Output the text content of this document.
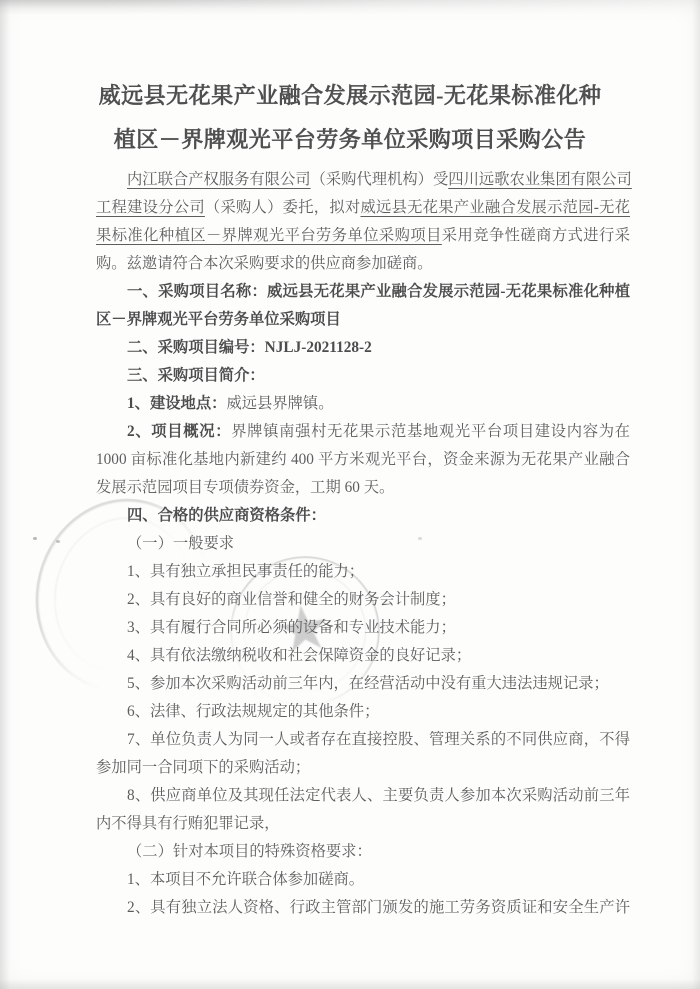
★
威远县无花果产业融合发展示范园-无花果标准化种
植区－界牌观光平台劳务单位采购项目采购公告
内江联合产权服务有限公司（采购代理机构）受四川远歌农业集团有限公司
工程建设分公司（采购人）委托，拟对威远县无花果产业融合发展示范园-无花
果标准化种植区－界牌观光平台劳务单位采购项目采用竞争性磋商方式进行采
购。兹邀请符合本次采购要求的供应商参加磋商。
一、采购项目名称：威远县无花果产业融合发展示范园-无花果标准化种植
区－界牌观光平台劳务单位采购项目
二、采购项目编号：NJLJ-2021128-2
三、采购项目简介：
1、建设地点：威远县界牌镇。
2、项目概况：界牌镇南强村无花果示范基地观光平台项目建设内容为在
1000 亩标准化基地内新建约 400 平方米观光平台，资金来源为无花果产业融合
发展示范园项目专项债券资金，工期 60 天。
四、合格的供应商资格条件：
（一）一般要求
1、具有独立承担民事责任的能力；
2、具有良好的商业信誉和健全的财务会计制度；
3、具有履行合同所必须的设备和专业技术能力；
4、具有依法缴纳税收和社会保障资金的良好记录；
5、参加本次采购活动前三年内，在经营活动中没有重大违法违规记录；
6、法律、行政法规规定的其他条件；
7、单位负责人为同一人或者存在直接控股、管理关系的不同供应商，不得
参加同一合同项下的采购活动；
8、供应商单位及其现任法定代表人、主要负责人参加本次采购活动前三年
内不得具有行贿犯罪记录，
（二）针对本项目的特殊资格要求：
1、本项目不允许联合体参加磋商。
2、具有独立法人资格、行政主管部门颁发的施工劳务资质证和安全生产许
